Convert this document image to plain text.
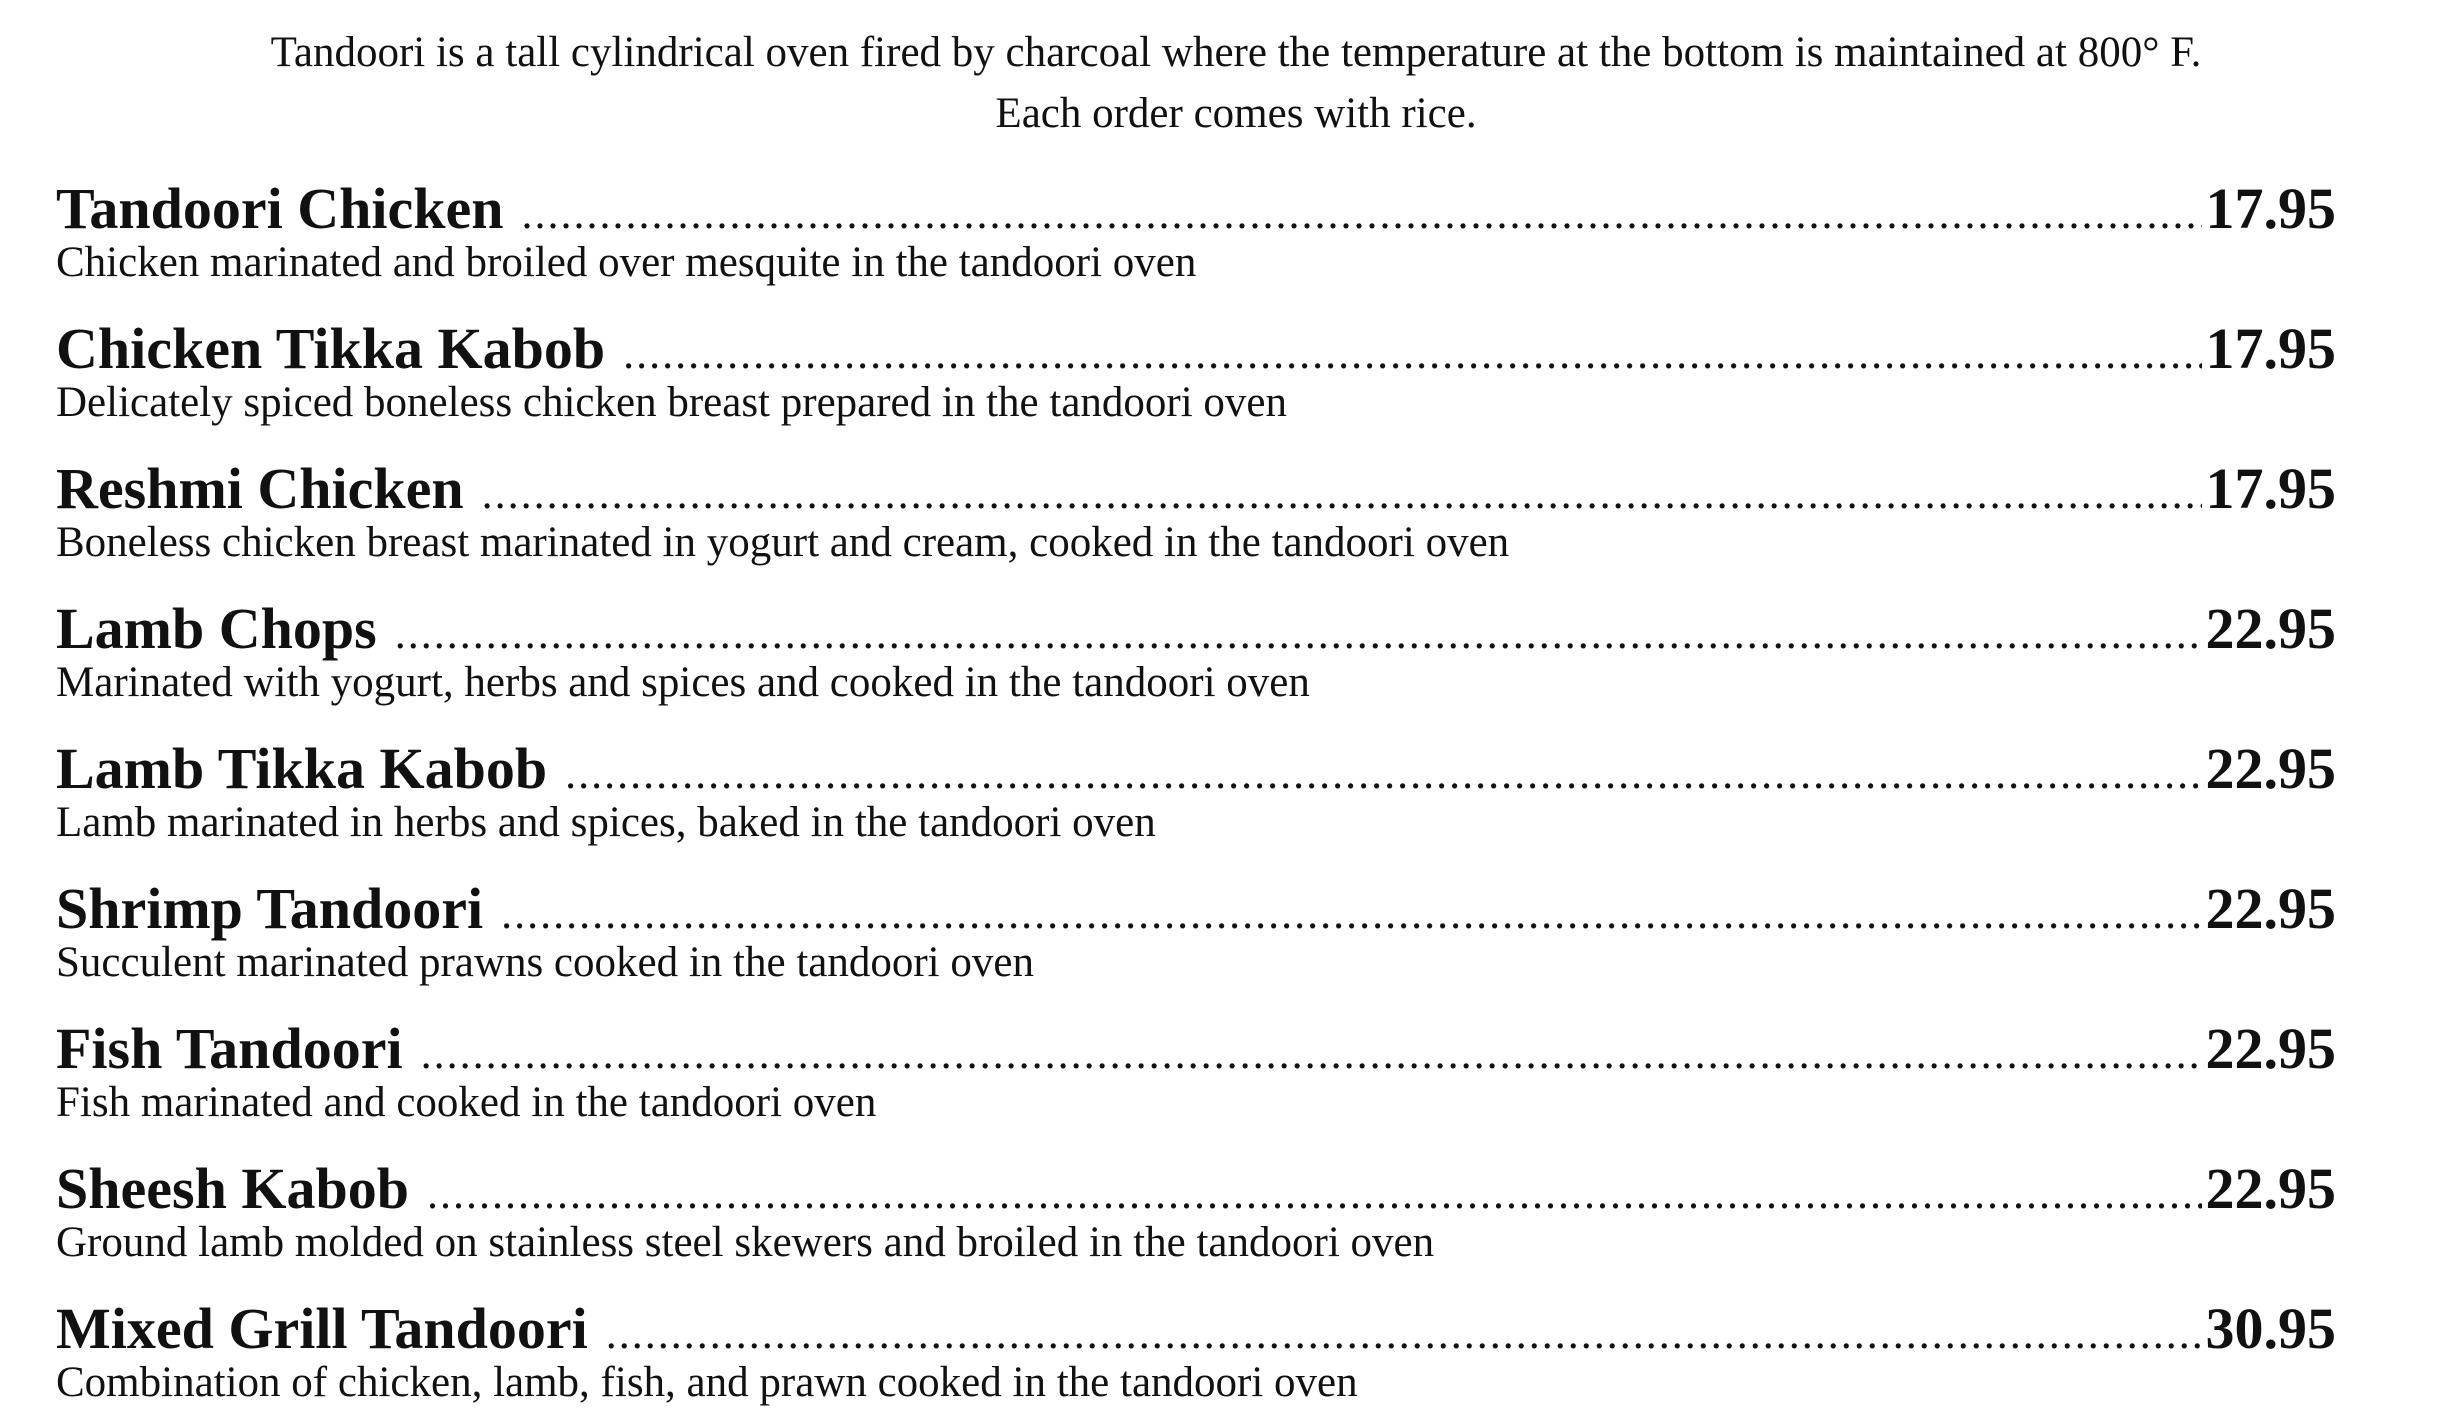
Tandoori is a tall cylindrical oven fired by charcoal where the temperature at the bottom is maintained at 800° F.
Each order comes with rice.
Tandoori Chicken .....	17.95
Chicken marinated and broiled over mesquite in the tandoori oven
Chicken Tikka Kabob .....	17.95
Delicately spiced boneless chicken breast prepared in the tandoori oven
Reshmi Chicken .....	17.95
Boneless chicken breast marinated in yogurt and cream, cooked in the tandoori oven
Lamb Chops .....	22.95
Marinated with yogurt, herbs and spices and cooked in the tandoori oven
Lamb Tikka Kabob .....	22.95
Lamb marinated in herbs and spices, baked in the tandoori oven
Shrimp Tandoori .....	22.95
Succulent marinated prawns cooked in the tandoori oven
Fish Tandoori .....	22.95
Fish marinated and cooked in the tandoori oven
Sheesh Kabob .....	22.95
Ground lamb molded on stainless steel skewers and broiled in the tandoori oven
Mixed Grill Tandoori .....	30.95
Combination of chicken, lamb, fish, and prawn cooked in the tandoori oven
